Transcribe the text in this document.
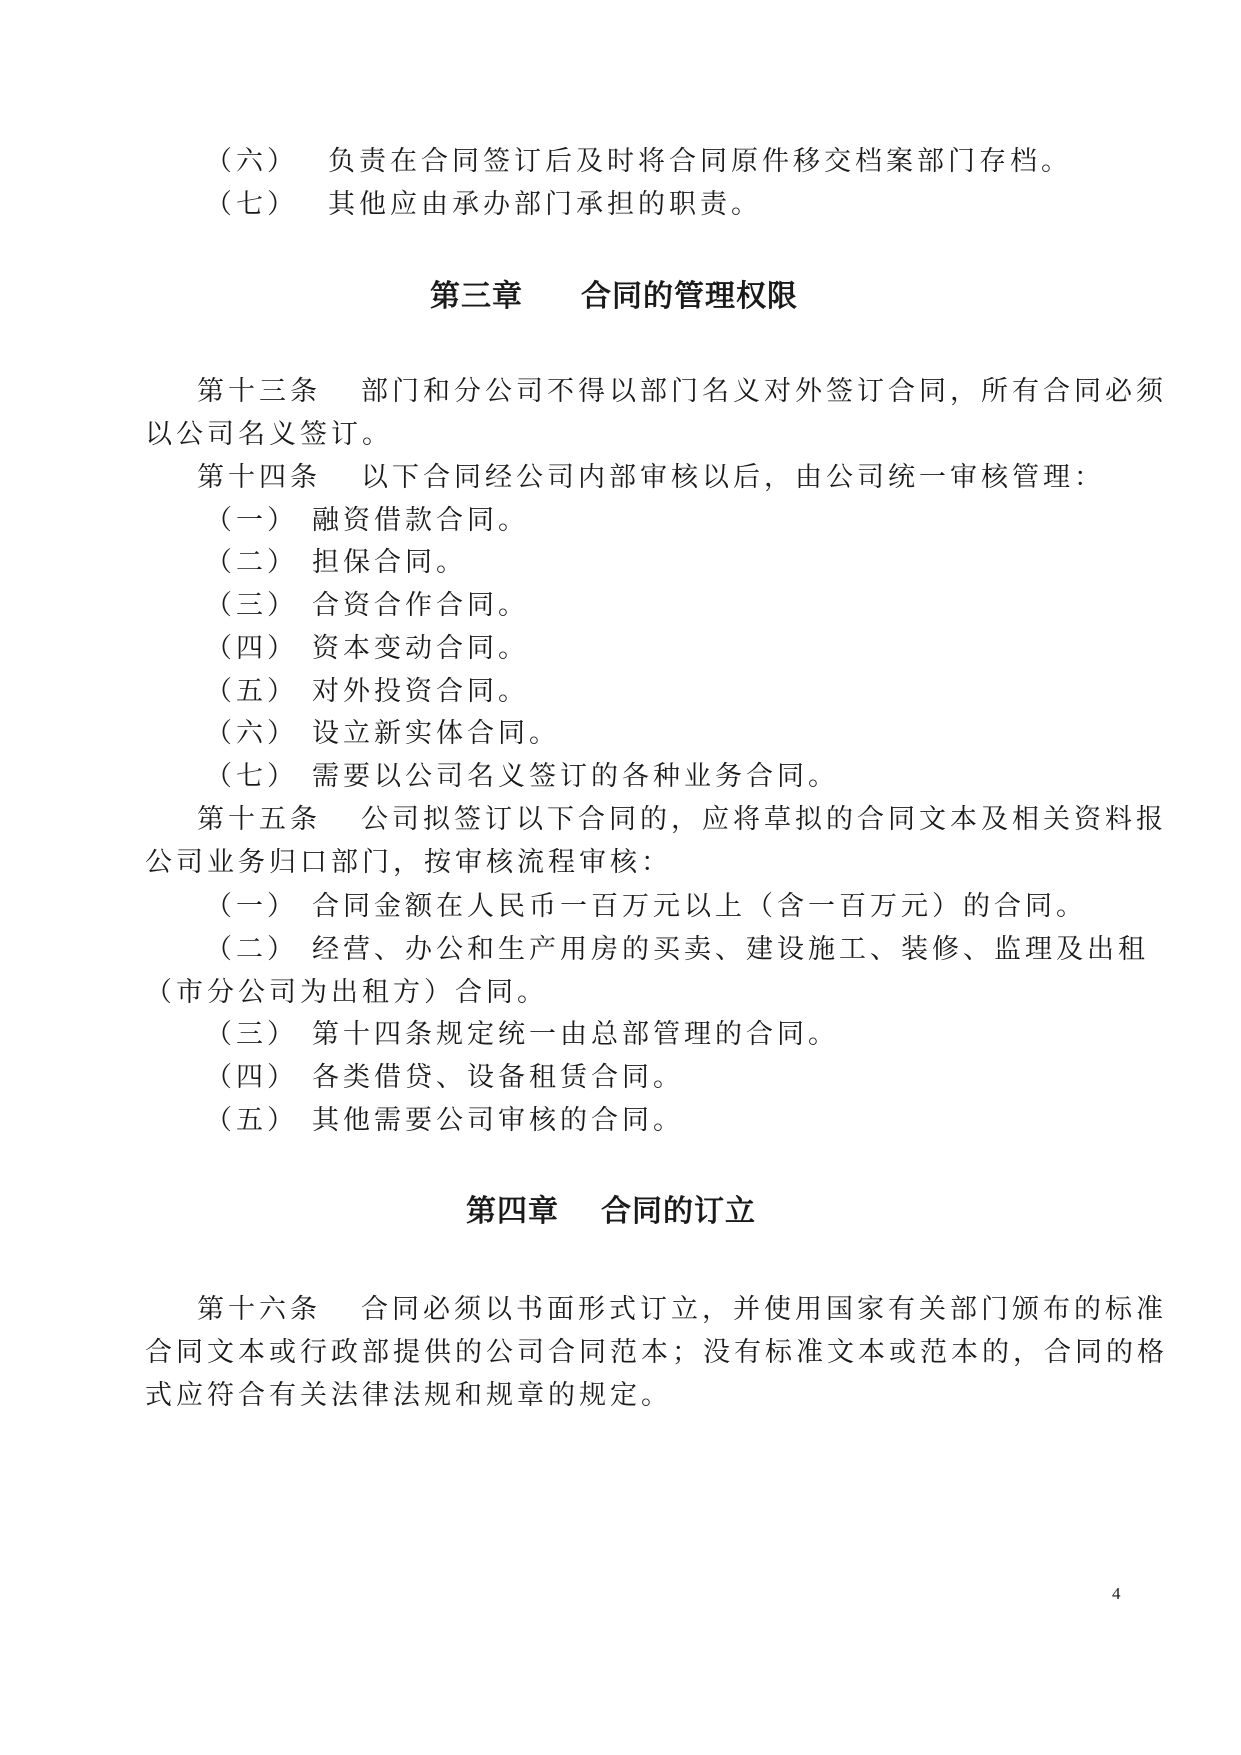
（六） 负责在合同签订后及时将合同原件移交档案部门存档。
（七） 其他应由承办部门承担的职责。
第三章 合同的管理权限
第十三条 部门和分公司不得以部门名义对外签订合同，所有合同必须
以公司名义签订。
第十四条 以下合同经公司内部审核以后，由公司统一审核管理：
（一） 融资借款合同。
（二） 担保合同。
（三） 合资合作合同。
（四） 资本变动合同。
（五） 对外投资合同。
（六） 设立新实体合同。
（七） 需要以公司名义签订的各种业务合同。
第十五条 公司拟签订以下合同的，应将草拟的合同文本及相关资料报
公司业务归口部门，按审核流程审核：
（一） 合同金额在人民币一百万元以上（含一百万元）的合同。
（二） 经营、办公和生产用房的买卖、建设施工、装修、监理及出租
（市分公司为出租方）合同。
（三） 第十四条规定统一由总部管理的合同。
（四） 各类借贷、设备租赁合同。
（五） 其他需要公司审核的合同。
第四章 合同的订立
第十六条 合同必须以书面形式订立，并使用国家有关部门颁布的标准
合同文本或行政部提供的公司合同范本；没有标准文本或范本的，合同的格
式应符合有关法律法规和规章的规定。
4
